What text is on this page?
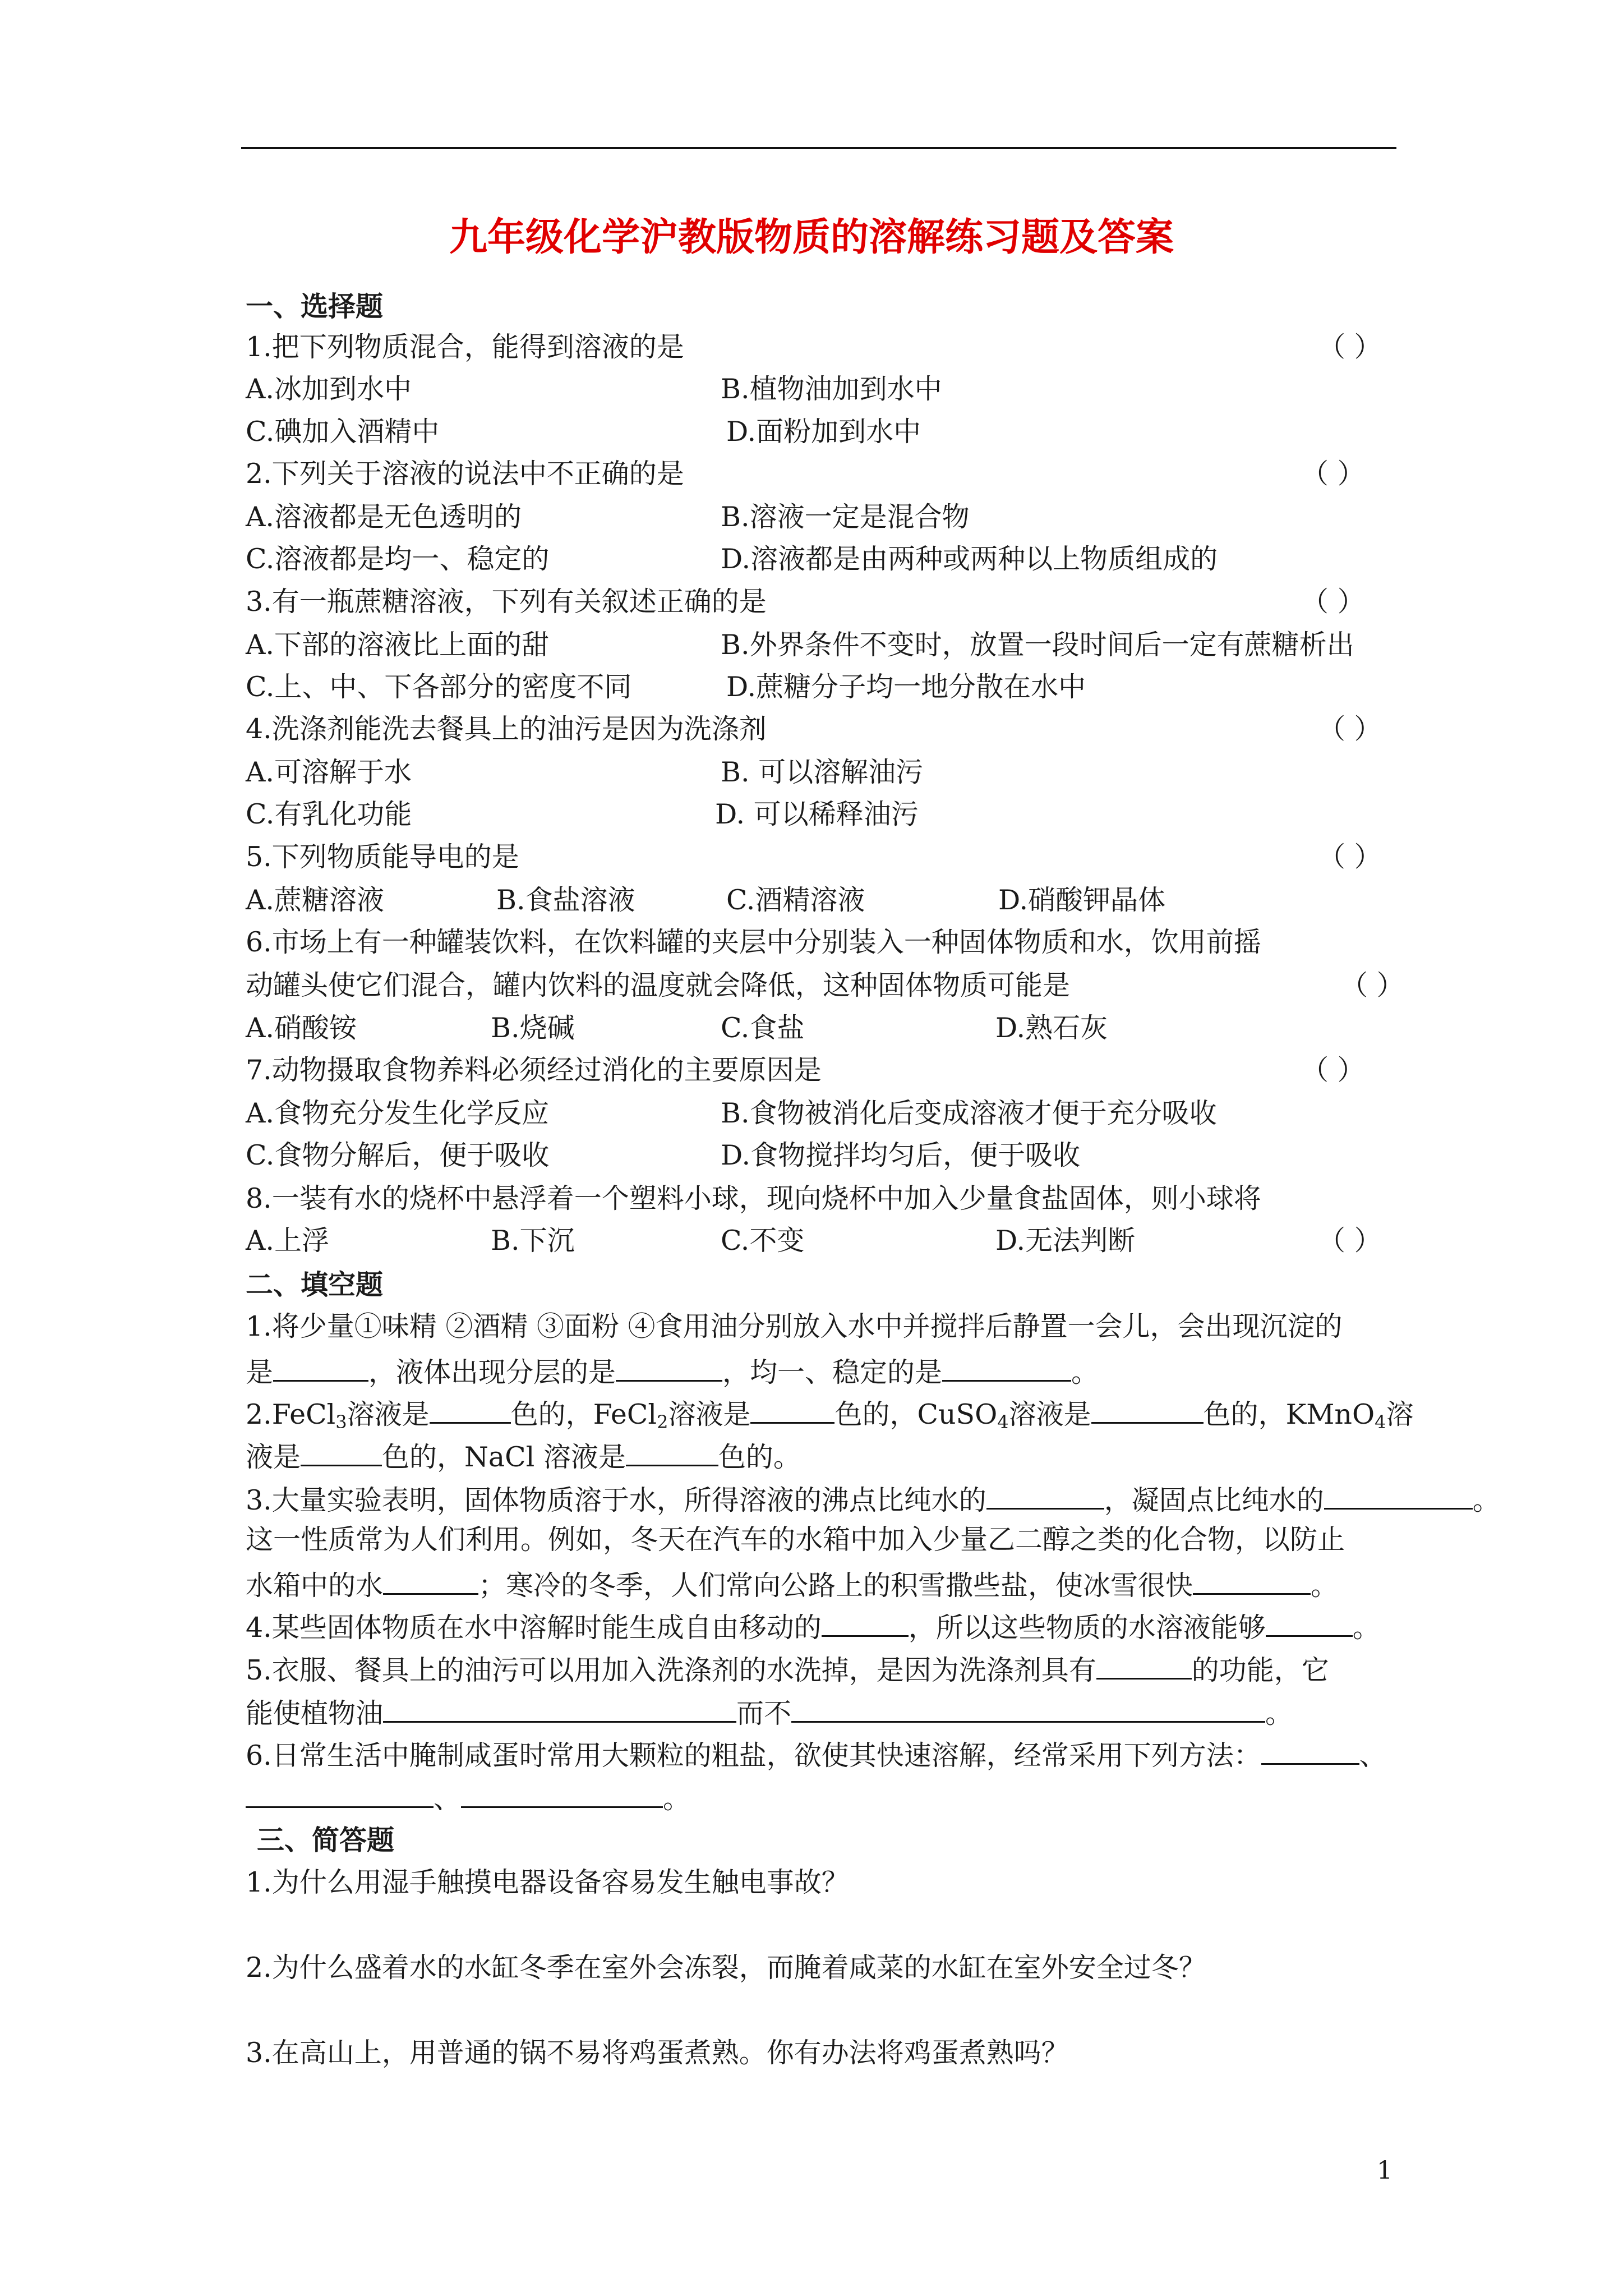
九年级化学沪教版物质的溶解练习题及答案
一、选择题
1.把下列物质混合，能得到溶液的是	（ ）
A.冰加到水中	B.植物油加到水中
C.碘加入酒精中	D.面粉加到水中
2.下列关于溶液的说法中不正确的是	（ ）
A.溶液都是无色透明的	B.溶液一定是混合物
C.溶液都是均一、稳定的	D.溶液都是由两种或两种以上物质组成的
3.有一瓶蔗糖溶液，下列有关叙述正确的是	（ ）
A.下部的溶液比上面的甜	B.外界条件不变时，放置一段时间后一定有蔗糖析出
C.上、中、下各部分的密度不同	D.蔗糖分子均一地分散在水中
4.洗涤剂能洗去餐具上的油污是因为洗涤剂	（ ）
A.可溶解于水	B. 可以溶解油污
C.有乳化功能	D. 可以稀释油污
5.下列物质能导电的是	（ ）
A.蔗糖溶液	B.食盐溶液	C.酒精溶液	D.硝酸钾晶体
6.市场上有一种罐装饮料，在饮料罐的夹层中分别装入一种固体物质和水，饮用前摇
动罐头使它们混合，罐内饮料的温度就会降低，这种固体物质可能是	（ ）
A.硝酸铵	B.烧碱	C.食盐	D.熟石灰
7.动物摄取食物养料必须经过消化的主要原因是	（ ）
A.食物充分发生化学反应	B.食物被消化后变成溶液才便于充分吸收
C.食物分解后，便于吸收	D.食物搅拌均匀后，便于吸收
8.一装有水的烧杯中悬浮着一个塑料小球，现向烧杯中加入少量食盐固体，则小球将
A.上浮	B.下沉	C.不变	D.无法判断	（ ）
二、填空题
1.将少量①味精 ②酒精 ③面粉 ④食用油分别放入水中并搅拌后静置一会儿，会出现沉淀的
是	，液体出现分层的是	，均一、稳定的是	。
2.FeCl$_3$溶液是	色的，FeCl$_2$溶液是	色的，CuSO$_4$溶液是	色的，KMnO$_4$溶
液是	色的，NaCl 溶液是	色的。
3.大量实验表明，固体物质溶于水，所得溶液的沸点比纯水的	，凝固点比纯水的	。
这一性质常为人们利用。例如，冬天在汽车的水箱中加入少量乙二醇之类的化合物，以防止
水箱中的水	；寒冷的冬季，人们常向公路上的积雪撒些盐，使冰雪很快	。
4.某些固体物质在水中溶解时能生成自由移动的	，所以这些物质的水溶液能够	。
5.衣服、餐具上的油污可以用加入洗涤剂的水洗掉，是因为洗涤剂具有	的功能，它
能使植物油	而不	。
6.日常生活中腌制咸蛋时常用大颗粒的粗盐，欲使其快速溶解，经常采用下列方法：	、
、	。
三、简答题
1.为什么用湿手触摸电器设备容易发生触电事故？
2.为什么盛着水的水缸冬季在室外会冻裂，而腌着咸菜的水缸在室外安全过冬？
3.在高山上，用普通的锅不易将鸡蛋煮熟。你有办法将鸡蛋煮熟吗？
1
